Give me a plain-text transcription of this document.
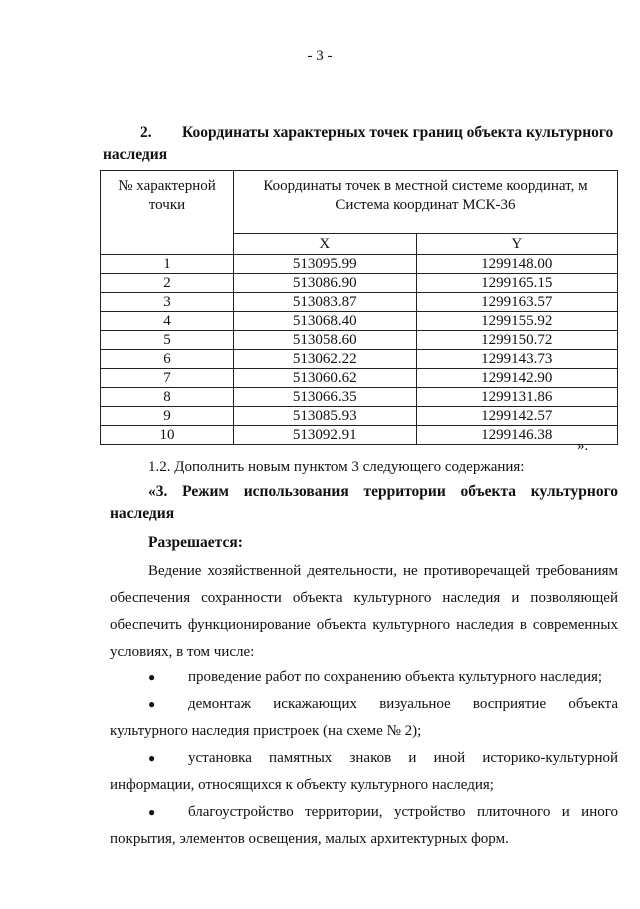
- 3 -
2. Координаты характерных точек границ объекта культурного наследия
№ характерной точки	Координаты точек в местной системе координат, м Система координат МСК-36	
	X	Y
1	513095.99	1299148.00
2	513086.90	1299165.15
3	513083.87	1299163.57
4	513068.40	1299155.92
5	513058.60	1299150.72
6	513062.22	1299143.73
7	513060.62	1299142.90
8	513066.35	1299131.86
9	513085.93	1299142.57
10	513092.91	1299146.38
».
1.2. Дополнить новым пунктом 3 следующего содержания:
«3. Режим использования территории объекта культурного
наследия
Разрешается:
Ведение хозяйственной деятельности, не противоречащей требованиям обеспечения сохранности объекта культурного наследия и позволяющей обеспечить функционирование объекта культурного наследия в современных условиях, в том числе:
●	проведение работ по сохранению объекта культурного наследия;
●	демонтаж искажающих визуальное восприятие объекта
культурного наследия пристроек (на схеме № 2);
●	установка памятных знаков и иной историко-культурной
информации, относящихся к объекту культурного наследия;
●	благоустройство территории, устройство плиточного и иного
покрытия, элементов освещения, малых архитектурных форм.
